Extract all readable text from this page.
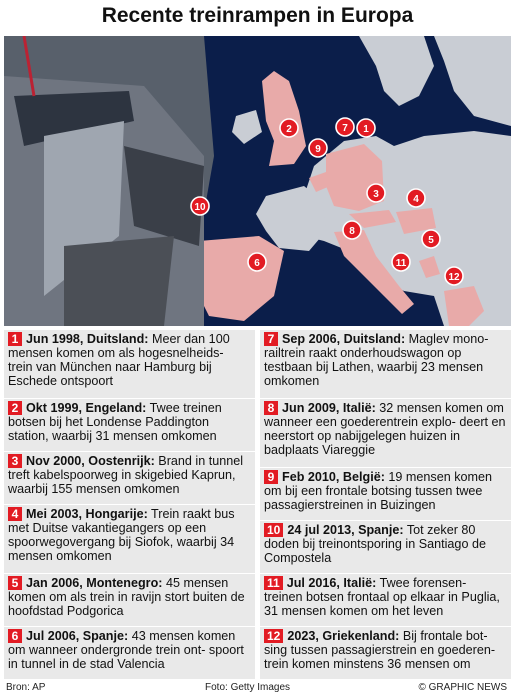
Recente treinrampen in Europa
1
2
3	4
5
6
7
8
9
10
11
12
1 Jun 1998, Duitsland: Meer dan 100 mensen komen om als hogesnelheids- trein van München naar Hamburg bij Eschede ontspoort
2 Okt 1999, Engeland: Twee treinen botsen bij het Londense Paddington station, waarbij 31 mensen omkomen
3 Nov 2000, Oostenrijk: Brand in tunnel treft kabelspoorweg in skigebied Kaprun, waarbij 155 mensen omkomen
4 Mei 2003, Hongarije: Trein raakt bus met Duitse vakantiegangers op een spoorwegovergang bij Siofok, waarbij 34 mensen omkomen
5 Jan 2006, Montenegro: 45 mensen komen om als trein in ravijn stort buiten de hoofdstad Podgorica
6 Jul 2006, Spanje: 43 mensen komen om wanneer ondergronde trein ont- spoort in tunnel in de stad Valencia
7 Sep 2006, Duitsland: Maglev mono- railtrein raakt onderhoudswagon op testbaan bij Lathen, waarbij 23 mensen omkomen
8 Jun 2009, Italië: 32 mensen komen om wanneer een goederentrein explo- deert en neerstort op nabijgelegen huizen in badplaats Viareggie
9 Feb 2010, België: 19 mensen komen om bij een frontale botsing tussen twee passagierstreinen in Buizingen
10 24 jul 2013, Spanje: Tot zeker 80 doden bij treinontsporing in Santiago de Compostela
11 Jul 2016, Italië: Twee forensen- treinen botsen frontaal op elkaar in Puglia, 31 mensen komen om het leven
12 2023, Griekenland: Bij frontale bot- sing tussen passagierstrein en goederen- trein komen minstens 36 mensen om
Bron: AP	Foto: Getty Images	© GRAPHIC NEWS
